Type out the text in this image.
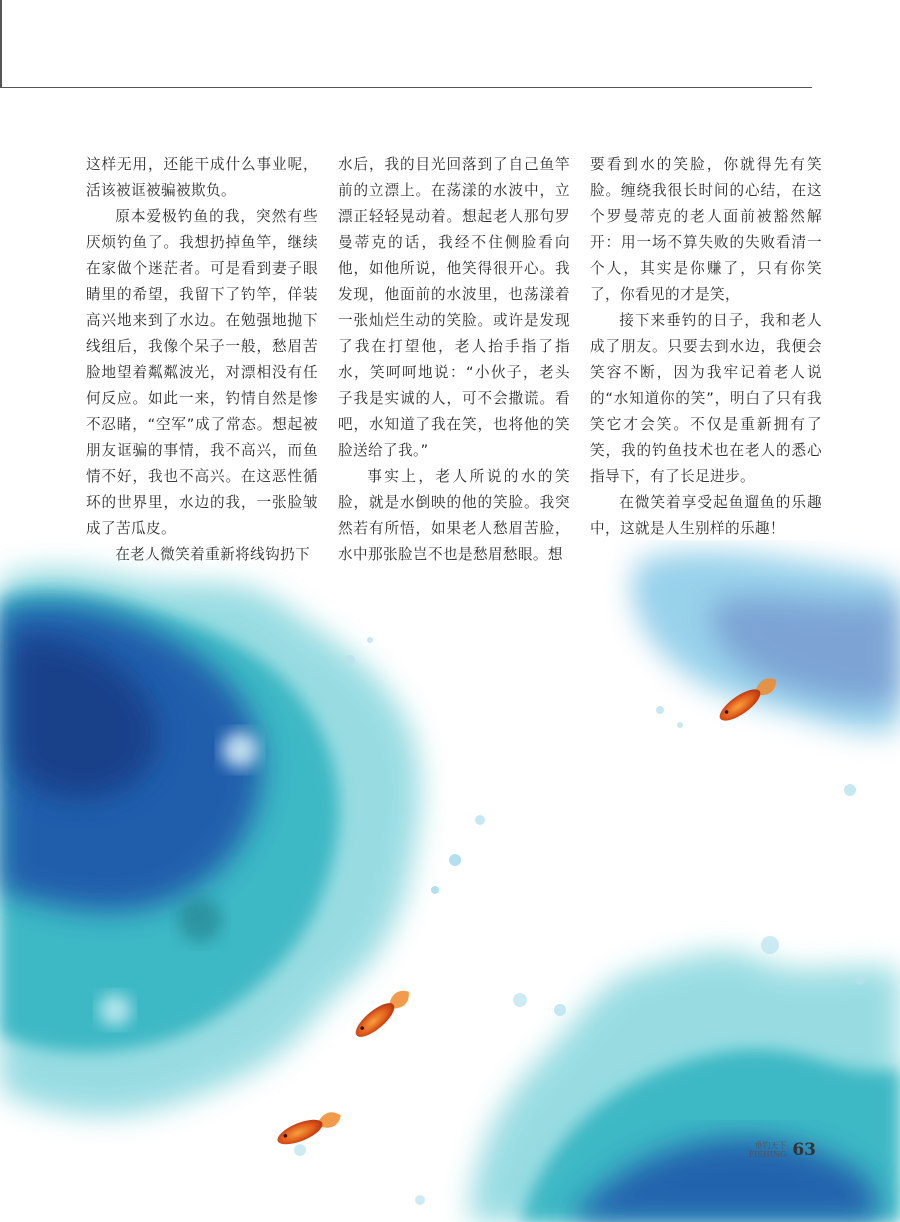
这样无用，还能干成什么事业呢，活该被诓被骗被欺负。

原本爱极钓鱼的我，突然有些厌烦钓鱼了。我想扔掉鱼竿，继续在家做个迷茫者。可是看到妻子眼睛里的希望，我留下了钓竿，佯装高兴地来到了水边。在勉强地抛下线组后，我像个呆子一般，愁眉苦脸地望着粼粼波光，对漂相没有任何反应。如此一来，钓情自然是惨不忍睹，“空军”成了常态。想起被朋友诓骗的事情，我不高兴，而鱼情不好，我也不高兴。在这恶性循环的世界里，水边的我，一张脸皱成了苦瓜皮。

在老人微笑着重新将线钩扔下

水后，我的目光回落到了自己鱼竿前的立漂上。在荡漾的水波中，立漂正轻轻晃动着。想起老人那句罗曼蒂克的话，我经不住侧脸看向他，如他所说，他笑得很开心。我发现，他面前的水波里，也荡漾着一张灿烂生动的笑脸。或许是发现了我在打望他，老人抬手指了指水，笑呵呵地说：“小伙子，老头子我是实诚的人，可不会撒谎。看吧，水知道了我在笑，也将他的笑脸送给了我。”

事实上，老人所说的水的笑脸，就是水倒映的他的笑脸。我突然若有所悟，如果老人愁眉苦脸，水中那张脸岂不也是愁眉愁眼。想

要看到水的笑脸，你就得先有笑脸。缠绕我很长时间的心结，在这个罗曼蒂克的老人面前被豁然解开：用一场不算失败的失败看清一个人，其实是你赚了，只有你笑了，你看见的才是笑，

接下来垂钓的日子，我和老人成了朋友。只要去到水边，我便会笑容不断，因为我牢记着老人说的“水知道你的笑”，明白了只有我笑它才会笑。不仅是重新拥有了笑，我的钓鱼技术也在老人的悉心指导下，有了长足进步。

在微笑着享受起鱼遛鱼的乐趣中，这就是人生别样的乐趣！

垂钓天下
FISHING 63
